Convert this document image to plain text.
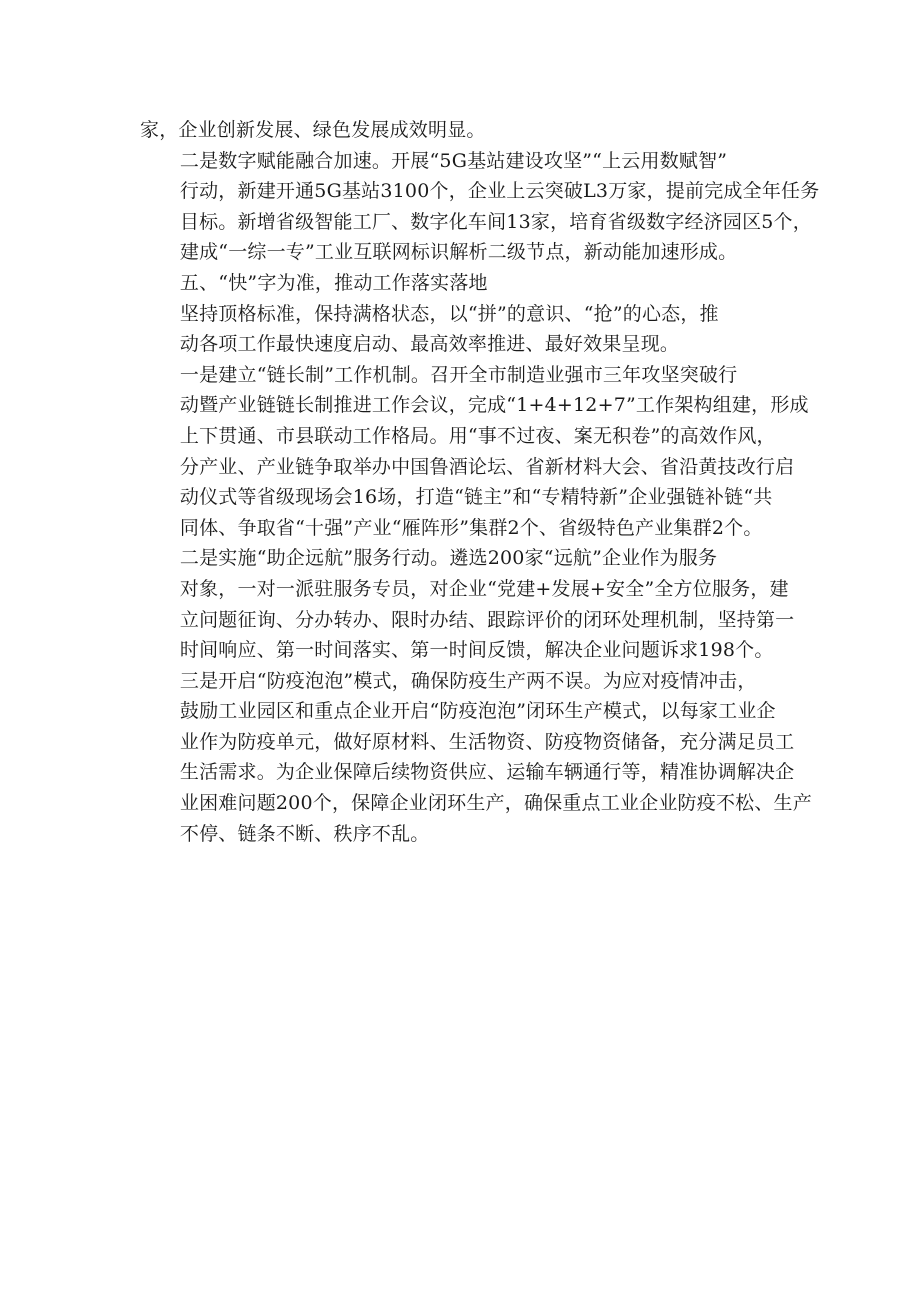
家，企业创新发展、绿色发展成效明显。

二是数字赋能融合加速。开展“5G基站建设攻坚”“上云用数赋智”
行动，新建开通5G基站3100个，企业上云突破L3万家，提前完成全年任务
目标。新增省级智能工厂、数字化车间13家，培育省级数字经济园区5个，
建成“一综一专”工业互联网标识解析二级节点，新动能加速形成。

五、“快”字为准，推动工作落实落地

坚持顶格标准，保持满格状态，以“拼”的意识、“抢”的心态，推
动各项工作最快速度启动、最高效率推进、最好效果呈现。

一是建立“链长制”工作机制。召开全市制造业强市三年攻坚突破行
动暨产业链链长制推进工作会议，完成“1+4+12+7”工作架构组建，形成
上下贯通、市县联动工作格局。用“事不过夜、案无积卷”的高效作风，
分产业、产业链争取举办中国鲁酒论坛、省新材料大会、省沿黄技改行启
动仪式等省级现场会16场，打造“链主”和“专精特新”企业强链补链“共
同体、争取省“十强”产业“雁阵形”集群2个、省级特色产业集群2个。

二是实施“助企远航”服务行动。遴选200家“远航”企业作为服务
对象，一对一派驻服务专员，对企业“党建+发展+安全”全方位服务，建
立问题征询、分办转办、限时办结、跟踪评价的闭环处理机制，坚持第一
时间响应、第一时间落实、第一时间反馈，解决企业问题诉求198个。

三是开启“防疫泡泡”模式，确保防疫生产两不误。为应对疫情冲击，
鼓励工业园区和重点企业开启“防疫泡泡”闭环生产模式，以每家工业企
业作为防疫单元，做好原材料、生活物资、防疫物资储备，充分满足员工
生活需求。为企业保障后续物资供应、运输车辆通行等，精准协调解决企
业困难问题200个，保障企业闭环生产，确保重点工业企业防疫不松、生产
不停、链条不断、秩序不乱。
